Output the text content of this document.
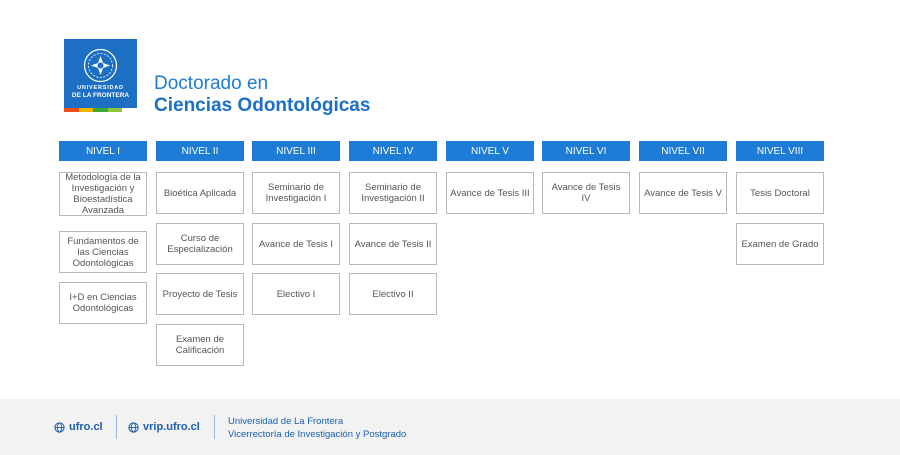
UNIVERSIDAD
DE LA FRONTERA
Doctorado en
Ciencias Odontológicas
NIVEL I
Metodología de la Investigación y Bioestadística Avanzada
Fundamentos de las Ciencias Odontológicas
I+D en Ciencias Odontológicas
NIVEL II
Bioética Aplicada
Curso de Especialización
Proyecto de Tesis
Examen de Calificación
NIVEL III
Seminario de Investigación I
Avance de Tesis I
Electivo I
NIVEL IV
Seminario de Investigación II
Avance de Tesis II
Electivo II
NIVEL V
Avance de Tesis III
NIVEL VI
Avance de Tesis IV
NIVEL VII
Avance de Tesis V
NIVEL VIII
Tesis Doctoral
Examen de Grado
ufro.cl	vrip.ufro.cl	Universidad de La Frontera
Vicerrectoría de Investigación y Postgrado
